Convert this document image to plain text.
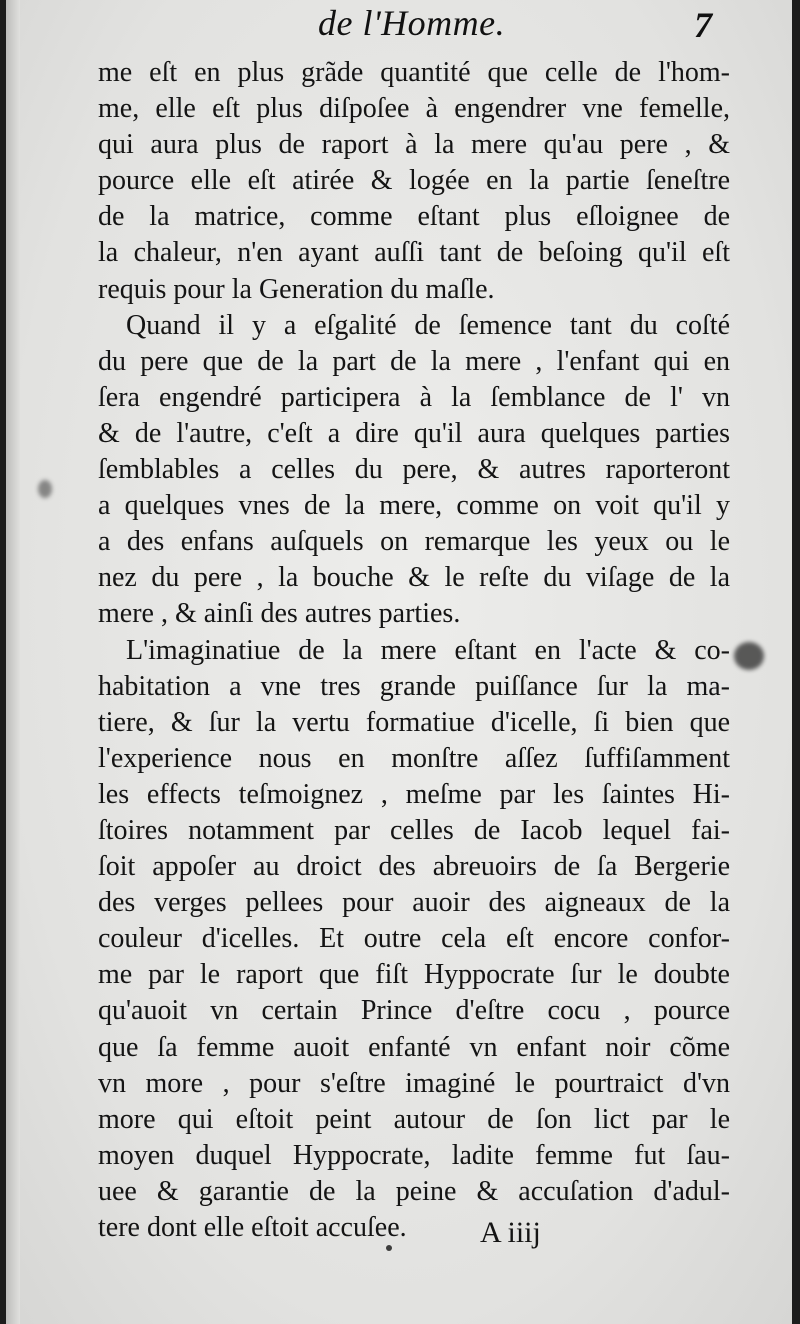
de l'Homme.	7
me eſt en plus grãde quantité que celle de l'hom-
me, elle eſt plus diſpoſee à engendrer vne femelle,
qui aura plus de raport à la mere qu'au pere , &
pource elle eſt atirée & logée en la partie ſeneſtre
de la matrice, comme eſtant plus eſloignee de
la chaleur, n'en ayant auſſi tant de beſoing qu'il eſt
requis pour la Generation du maſle.
Quand il y a eſgalité de ſemence tant du coſté
du pere que de la part de la mere , l'enfant qui en
ſera engendré participera à la ſemblance de l' vn
& de l'autre, c'eſt a dire qu'il aura quelques parties
ſemblables a celles du pere, & autres raporteront
a quelques vnes de la mere, comme on voit qu'il y
a des enfans auſquels on remarque les yeux ou le
nez du pere , la bouche & le reſte du viſage de la
mere , & ainſi des autres parties.
L'imaginatiue de la mere eſtant en l'acte & co-
habitation a vne tres grande puiſſance ſur la ma-
tiere, & ſur la vertu formatiue d'icelle, ſi bien que
l'experience nous en monſtre aſſez ſuffiſamment
les effects teſmoignez , meſme par les ſaintes Hi-
ſtoires notamment par celles de Iacob lequel fai-
ſoit appoſer au droict des abreuoirs de ſa Bergerie
des verges pellees pour auoir des aigneaux de la
couleur d'icelles. Et outre cela eſt encore confor-
me par le raport que fiſt Hyppocrate ſur le doubte
qu'auoit vn certain Prince d'eſtre cocu , pource
que ſa femme auoit enfanté vn enfant noir cõme
vn more , pour s'eſtre imaginé le pourtraict d'vn
more qui eſtoit peint autour de ſon lict par le
moyen duquel Hyppocrate, ladite femme fut ſau-
uee & garantie de la peine & accuſation d'adul-
tere dont elle eſtoit accuſee.	A iiij
